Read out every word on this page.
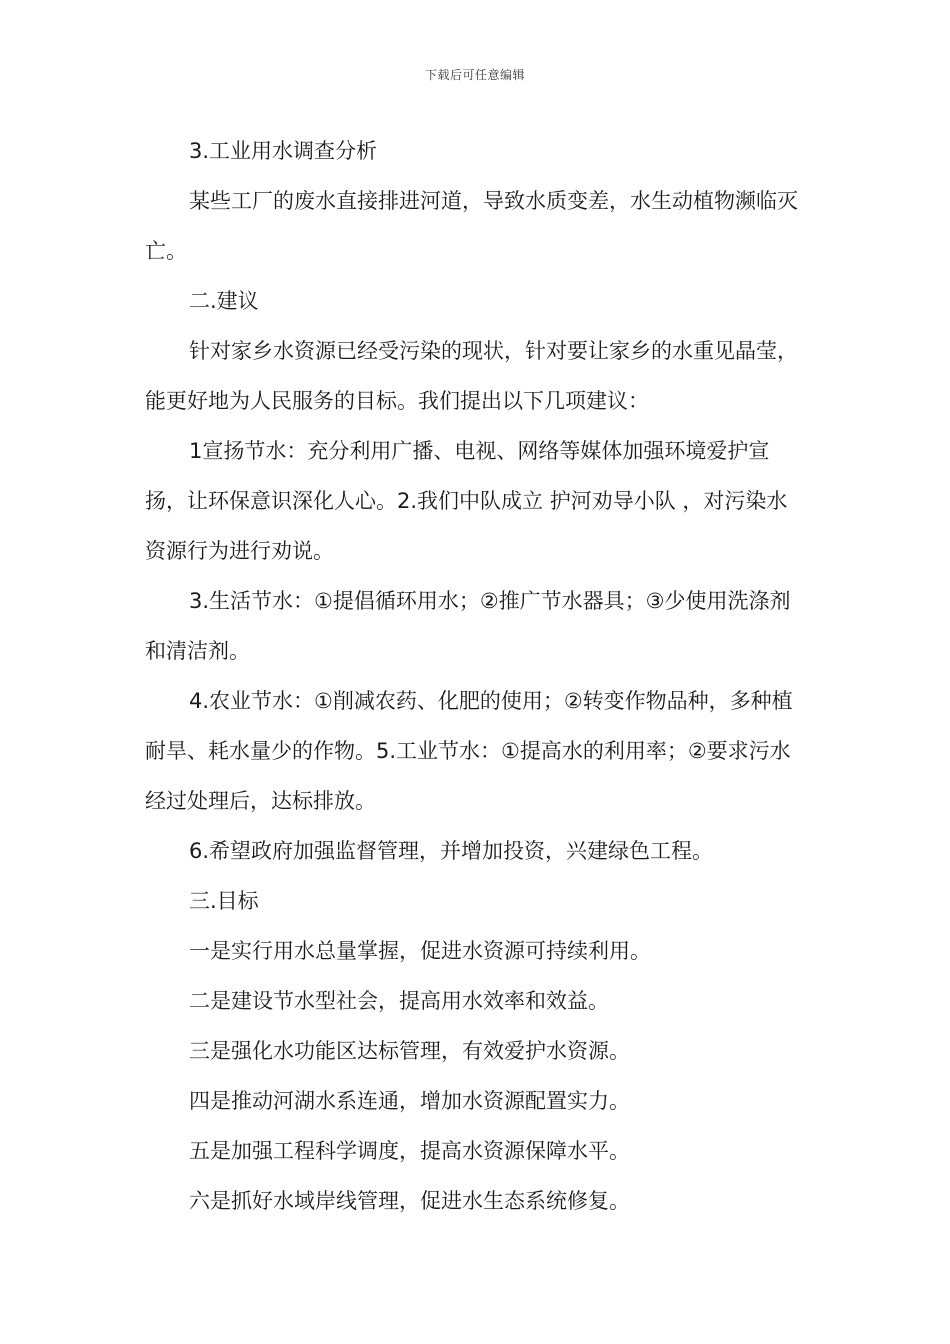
下载后可任意编辑

3.工业用水调查分析

某些工厂的废水直接排进河道，导致水质变差，水生动植物濒临灭亡。

二.建议

针对家乡水资源已经受污染的现状，针对要让家乡的水重见晶莹，能更好地为人民服务的目标。我们提出以下几项建议：

1宣扬节水：充分利用广播、电视、网络等媒体加强环境爱护宣扬，让环保意识深化人心。2.我们中队成立 护河劝导小队 ，对污染水资源行为进行劝说。

3.生活节水：①提倡循环用水；②推广节水器具；③少使用洗涤剂和清洁剂。

4.农业节水：①削减农药、化肥的使用；②转变作物品种，多种植耐旱、耗水量少的作物。5.工业节水：①提高水的利用率；②要求污水经过处理后，达标排放。

6.希望政府加强监督管理，并增加投资，兴建绿色工程。

三.目标

一是实行用水总量掌握，促进水资源可持续利用。

二是建设节水型社会，提高用水效率和效益。

三是强化水功能区达标管理，有效爱护水资源。

四是推动河湖水系连通，增加水资源配置实力。

五是加强工程科学调度，提高水资源保障水平。

六是抓好水域岸线管理，促进水生态系统修复。
